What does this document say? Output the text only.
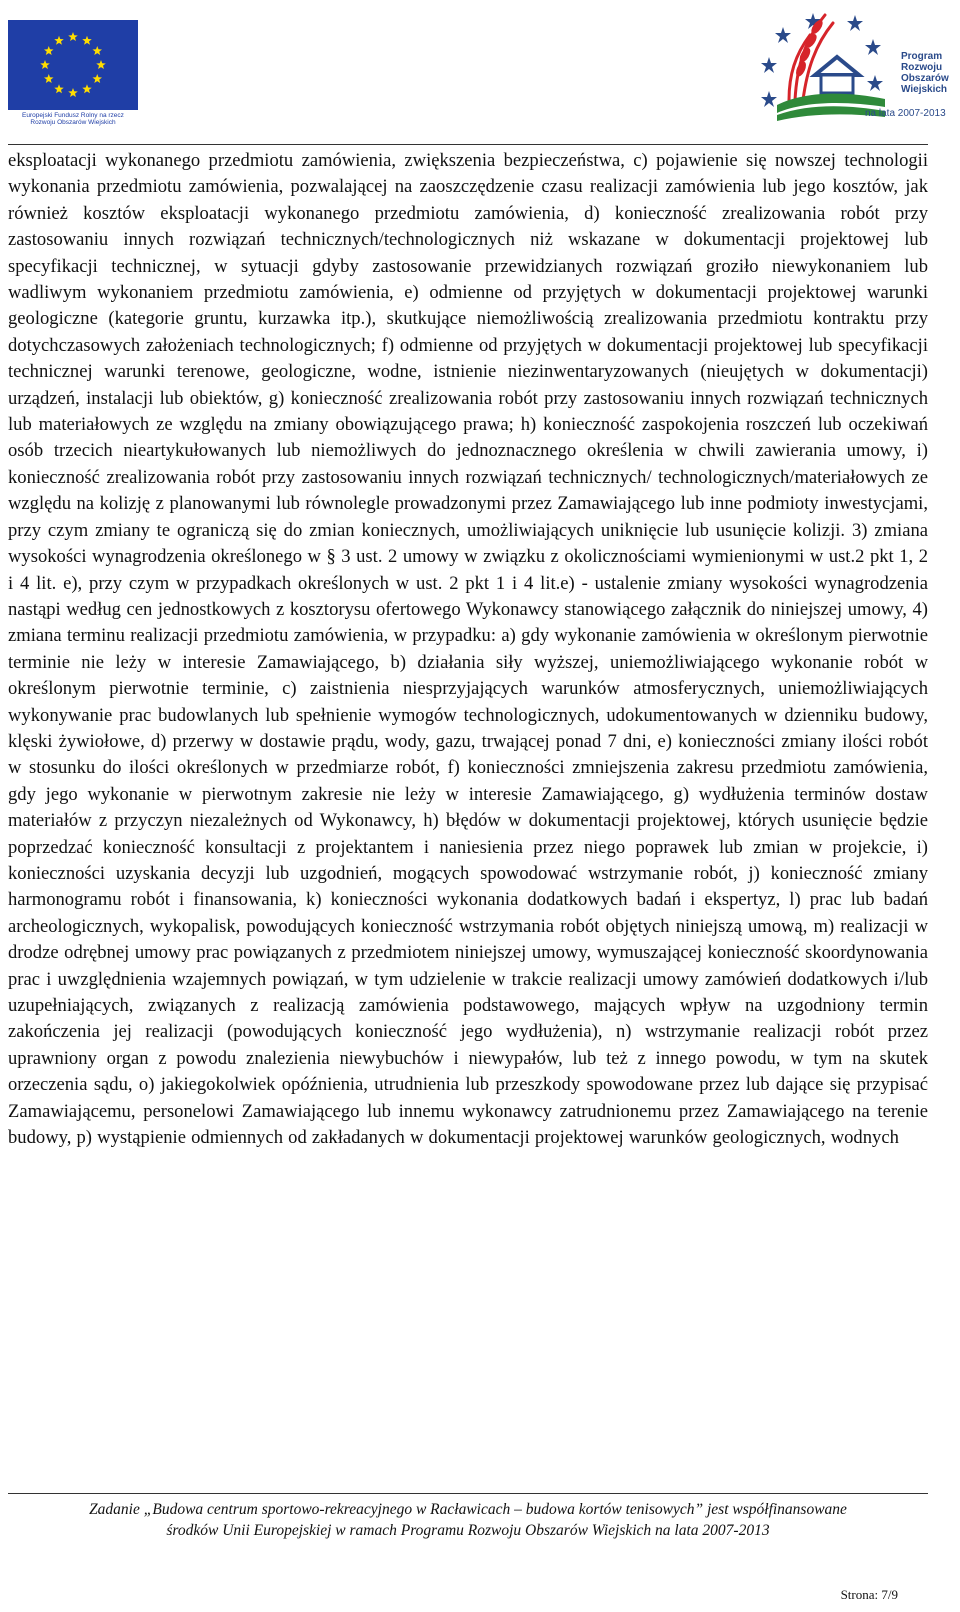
Europejski Fundusz Rolny na rzecz
Rozwoju Obszarów Wiejskich
Program
Rozwoju
Obszarów
Wiejskich
na lata 2007-2013

eksploatacji wykonanego przedmiotu zamówienia, zwiększenia bezpieczeństwa, c) pojawienie się nowszej technologii wykonania przedmiotu zamówienia, pozwalającej na zaoszczędzenie czasu realizacji zamówienia lub jego kosztów, jak również kosztów eksploatacji wykonanego przedmiotu zamówienia, d) konieczność zrealizowania robót przy zastosowaniu innych rozwiązań technicznych/technologicznych niż wskazane w dokumentacji projektowej lub specyfikacji technicznej, w sytuacji gdyby zastosowanie przewidzianych rozwiązań groziło niewykonaniem lub wadliwym wykonaniem przedmiotu zamówienia, e) odmienne od przyjętych w dokumentacji projektowej warunki geologiczne (kategorie gruntu, kurzawka itp.), skutkujące niemożliwością zrealizowania przedmiotu kontraktu przy dotychczasowych założeniach technologicznych; f) odmienne od przyjętych w dokumentacji projektowej lub specyfikacji technicznej warunki terenowe, geologiczne, wodne, istnienie niezinwentaryzowanych (nieujętych w dokumentacji) urządzeń, instalacji lub obiektów, g) konieczność zrealizowania robót przy zastosowaniu innych rozwiązań technicznych lub materiałowych ze względu na zmiany obowiązującego prawa; h) konieczność zaspokojenia roszczeń lub oczekiwań osób trzecich nieartykułowanych lub niemożliwych do jednoznacznego określenia w chwili zawierania umowy, i) konieczność zrealizowania robót przy zastosowaniu innych rozwiązań technicznych/ technologicznych/materiałowych ze względu na kolizję z planowanymi lub równolegle prowadzonymi przez Zamawiającego lub inne podmioty inwestycjami, przy czym zmiany te ograniczą się do zmian koniecznych, umożliwiających uniknięcie lub usunięcie kolizji. 3) zmiana wysokości wynagrodzenia określonego w § 3 ust. 2 umowy w związku z okolicznościami wymienionymi w ust.2 pkt 1, 2 i 4 lit. e), przy czym w przypadkach określonych w ust. 2 pkt 1 i 4 lit.e) - ustalenie zmiany wysokości wynagrodzenia nastąpi według cen jednostkowych z kosztorysu ofertowego Wykonawcy stanowiącego załącznik do niniejszej umowy, 4) zmiana terminu realizacji przedmiotu zamówienia, w przypadku: a) gdy wykonanie zamówienia w określonym pierwotnie terminie nie leży w interesie Zamawiającego, b) działania siły wyższej, uniemożliwiającego wykonanie robót w określonym pierwotnie terminie, c) zaistnienia niesprzyjających warunków atmosferycznych, uniemożliwiających wykonywanie prac budowlanych lub spełnienie wymogów technologicznych, udokumentowanych w dzienniku budowy, klęski żywiołowe, d) przerwy w dostawie prądu, wody, gazu, trwającej ponad 7 dni, e) konieczności zmiany ilości robót w stosunku do ilości określonych w przedmiarze robót, f) konieczności zmniejszenia zakresu przedmiotu zamówienia, gdy jego wykonanie w pierwotnym zakresie nie leży w interesie Zamawiającego, g) wydłużenia terminów dostaw materiałów z przyczyn niezależnych od Wykonawcy, h) błędów w dokumentacji projektowej, których usunięcie będzie poprzedzać konieczność konsultacji z projektantem i naniesienia przez niego poprawek lub zmian w projekcie, i) konieczności uzyskania decyzji lub uzgodnień, mogących spowodować wstrzymanie robót, j) konieczność zmiany harmonogramu robót i finansowania, k) konieczności wykonania dodatkowych badań i ekspertyz, l) prac lub badań archeologicznych, wykopalisk, powodujących konieczność wstrzymania robót objętych niniejszą umową, m) realizacji w drodze odrębnej umowy prac powiązanych z przedmiotem niniejszej umowy, wymuszającej konieczność skoordynowania prac i uwzględnienia wzajemnych powiązań, w tym udzielenie w trakcie realizacji umowy zamówień dodatkowych i/lub uzupełniających, związanych z realizacją zamówienia podstawowego, mających wpływ na uzgodniony termin zakończenia jej realizacji (powodujących konieczność jego wydłużenia), n) wstrzymanie realizacji robót przez uprawniony organ z powodu znalezienia niewybuchów i niewypałów, lub też z innego powodu, w tym na skutek orzeczenia sądu, o) jakiegokolwiek opóźnienia, utrudnienia lub przeszkody spowodowane przez lub dające się przypisać Zamawiającemu, personelowi Zamawiającego lub innemu wykonawcy zatrudnionemu przez Zamawiającego na terenie budowy, p) wystąpienie odmiennych od zakładanych w dokumentacji projektowej warunków geologicznych, wodnych

Zadanie „Budowa centrum sportowo-rekreacyjnego w Racławicach – budowa kortów tenisowych” jest współfinansowane
środków Unii Europejskiej w ramach Programu Rozwoju Obszarów Wiejskich na lata 2007-2013
Strona: 7/9
